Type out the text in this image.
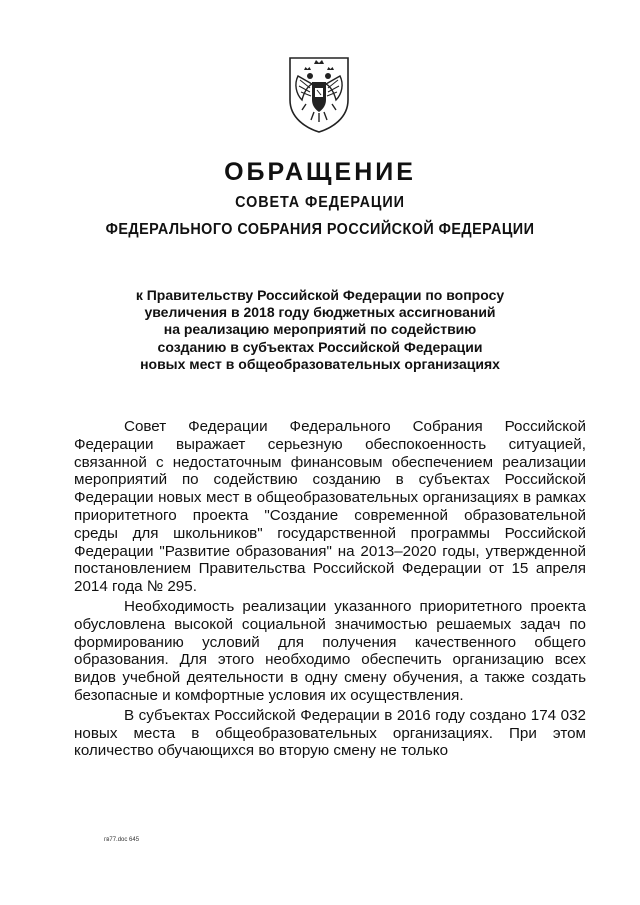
ОБРАЩЕНИЕ
СОВЕТА ФЕДЕРАЦИИ
ФЕДЕРАЛЬНОГО СОБРАНИЯ РОССИЙСКОЙ ФЕДЕРАЦИИ
к Правительству Российской Федерации по вопросу
увеличения в 2018 году бюджетных ассигнований
на реализацию мероприятий по содействию
созданию в субъектах Российской Федерации
новых мест в общеобразовательных организациях

Совет Федерации Федерального Собрания Российской Федерации выражает серьезную обеспокоенность ситуацией, связанной с недостаточным финансовым обеспечением реализации мероприятий по содействию созданию в субъектах Российской Федерации новых мест в общеобразовательных организациях в рамках приоритетного проекта "Создание современной образовательной среды для школьников" государственной программы Российской Федерации "Развитие образования" на 2013–2020 годы, утвержденной постановлением Правительства Российской Федерации от 15 апреля 2014 года № 295.

Необходимость реализации указанного приоритетного проекта обусловлена высокой социальной значимостью решаемых задач по формированию условий для получения качественного общего образования. Для этого необходимо обеспечить организацию всех видов учебной деятельности в одну смену обучения, а также создать безопасные и комфортные условия их осуществления.

В субъектах Российской Федерации в 2016 году создано 174 032 новых места в общеобразовательных организациях. При этом количество обучающихся во вторую смену не только

гв77.doc 645
